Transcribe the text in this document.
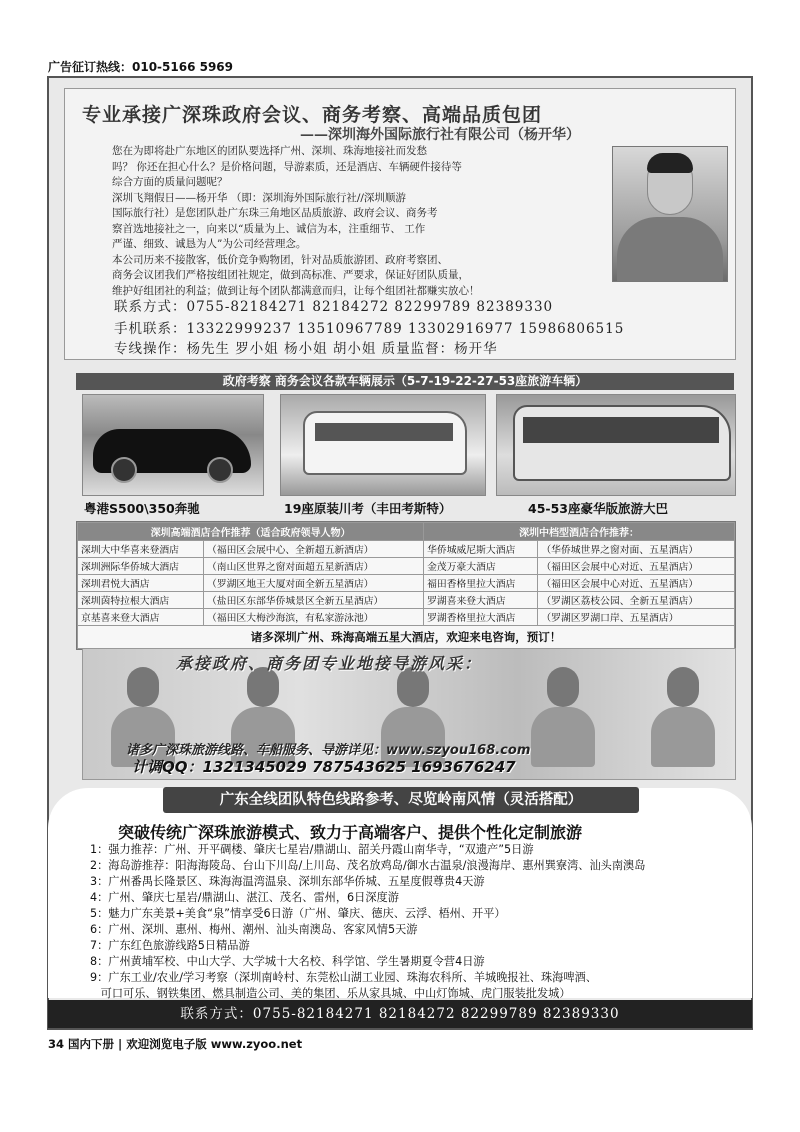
广告征订热线：010-5166 5969
专业承接广深珠政府会议、商务考察、高端品质包团
——深圳海外国际旅行社有限公司（杨开华）
您在为即将赴广东地区的团队要选择广州、深圳、珠海地接社而发愁
吗？ 你还在担心什么？是价格问题，导游素质，还是酒店、车辆硬件接待等
综合方面的质量问题呢？
深圳飞翔假日——杨开华 （即：深圳海外国际旅行社//深圳顺游
国际旅行社）是您团队赴广东珠三角地区品质旅游、政府会议、商务考
察首选地接社之一，向来以“质量为上、诚信为本，注重细节、 工作
严谨、细致、诚恳为人”为公司经营理念。
本公司历来不接散客，低价竞争购物团，针对品质旅游团、政府考察团、
商务会议团我们严格按组团社规定，做到高标准、严要求，保证好团队质量，
维护好组团社的利益；做到让每个团队都满意而归，让每个组团社都赚实放心！
联系方式：0755-82184271 82184272 82299789 82389330
手机联系：13322999237 13510967789 13302916977 15986806515
专线操作：杨先生 罗小姐 杨小姐 胡小姐 质量监督：杨开华
政府考察 商务会议各款车辆展示（5-7-19-22-27-53座旅游车辆）
粤港S500\350奔驰	19座原装川考（丰田考斯特）	45-53座豪华版旅游大巴
深圳高端酒店合作推荐（适合政府领导人物）		深圳中档型酒店合作推荐：	
深圳大中华喜来登酒店	（福田区会展中心、全新超五新酒店）	华侨城威尼斯大酒店	（华侨城世界之窗对面、五星酒店）
深圳洲际华侨城大酒店	（南山区世界之窗对面超五星新酒店）	金茂万豪大酒店	（福田区会展中心对近、五星酒店）
深圳君悦大酒店	（罗湖区地王大厦对面全新五星酒店）	福田香格里拉大酒店	（福田区会展中心对近、五星酒店）
深圳茵特拉根大酒店	（盐田区东部华侨城景区全新五星酒店）	罗湖喜来登大酒店	（罗湖区荔枝公园、全新五星酒店）
京基喜来登大酒店	（福田区大梅沙海滨，有私家游泳池）	罗湖香格里拉大酒店	（罗湖区罗湖口岸、五星酒店）
诸多深圳广州、珠海高端五星大酒店，欢迎来电咨询，预订！			
承接政府、商务团专业地接导游风采：
诸多广深珠旅游线路、车船服务、导游详见：www.szyou168.com
计调QQ：1321345029 787543625 1693676247
广东全线团队特色线路参考、尽览岭南风情（灵活搭配）
突破传统广深珠旅游模式、致力于高端客户、提供个性化定制旅游
1：强力推荐：广州、开平碉楼、肇庆七星岩/鼎湖山、韶关丹霞山南华寺，“双遗产”5日游
2：海岛游推荐：阳海海陵岛、台山下川岛/上川岛、茂名放鸡岛/御水古温泉/浪漫海岸、惠州巽寮湾、汕头南澳岛
3：广州番禺长隆景区、珠海海温湾温泉、深圳东部华侨城、五星度假尊贵4天游
4：广州、肇庆七星岩/鼎湖山、湛江、茂名、雷州，6日深度游
5：魅力广东美景+美食“泉”情享受6日游（广州、肇庆、德庆、云浮、梧州、开平）
6：广州、深圳、惠州、梅州、潮州、汕头南澳岛、客家风情5天游
7：广东红色旅游线路5日精品游
8：广州黄埔军校、中山大学、大学城十大名校、科学馆、学生暑期夏令营4日游
9：广东工业/农业/学习考察（深圳南岭村、东莞松山湖工业园、珠海农科所、羊城晚报社、珠海啤酒、
可口可乐、钢铁集团、燃具制造公司、美的集团、乐从家具城、中山灯饰城、虎门服装批发城）
联系方式：0755-82184271 82184272 82299789 82389330
34 国内下册 | 欢迎浏览电子版 www.zyoo.net
